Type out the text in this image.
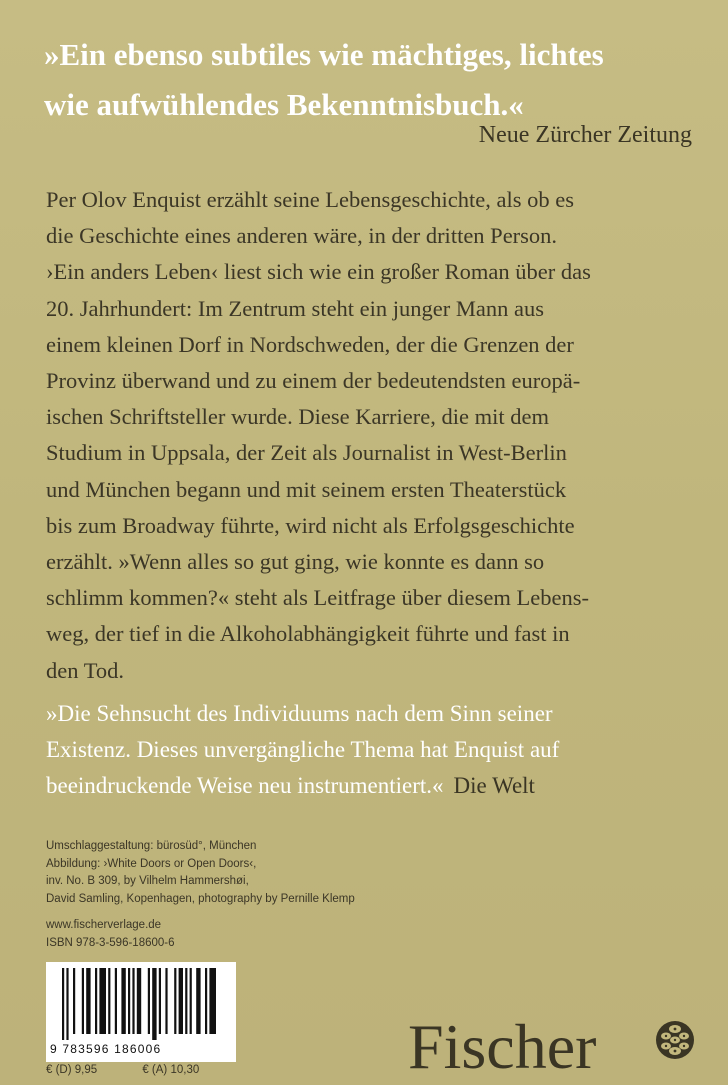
»Ein ebenso subtiles wie mächtiges, lichtes
wie aufwühlendes Bekenntnisbuch.«
Neue Zürcher Zeitung
Per Olov Enquist erzählt seine Lebensgeschichte, als ob es
die Geschichte eines anderen wäre, in der dritten Person.
›Ein anders Leben‹ liest sich wie ein großer Roman über das
20. Jahrhundert: Im Zentrum steht ein junger Mann aus
einem kleinen Dorf in Nordschweden, der die Grenzen der
Provinz überwand und zu einem der bedeutendsten europä-
ischen Schriftsteller wurde. Diese Karriere, die mit dem
Studium in Uppsala, der Zeit als Journalist in West-Berlin
und München begann und mit seinem ersten Theaterstück
bis zum Broadway führte, wird nicht als Erfolgsgeschichte
erzählt. »Wenn alles so gut ging, wie konnte es dann so
schlimm kommen?« steht als Leitfrage über diesem Lebens-
weg, der tief in die Alkoholabhängigkeit führte und fast in
den Tod.
»Die Sehnsucht des Individuums nach dem Sinn seiner
Existenz. Dieses unvergängliche Thema hat Enquist auf
beeindruckende Weise neu instrumentiert.« Die Welt
Umschlaggestaltung: bürosüd°, München
Abbildung: ›White Doors or Open Doors‹,
inv. No. B 309, by Vilhelm Hammershøi,
David Samling, Kopenhagen, photography by Pernille Klemp
www.fischerverlage.de
ISBN 978-3-596-18600-6
9 783596 186006
€ (D) 9,95	€ (A) 10,30	Fischer
